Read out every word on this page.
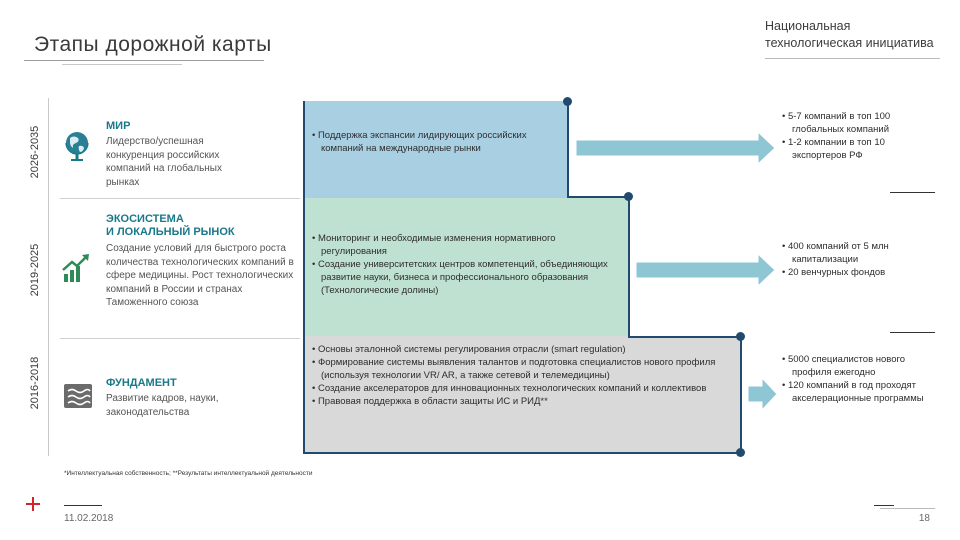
Этапы дорожной карты
Национальная
технологическая инициатива
2026-2035
2019-2025
2016-2018
МИР
Лидерство/успешная конкуренция российских компаний на глобальных рынках
ЭКОСИСТЕМА
И ЛОКАЛЬНЫЙ РЫНОК
Создание условий для быстрого роста количества технологических компаний в сфере медицины. Рост технологических компаний в России и странах Таможенного союза
ФУНДАМЕНТ
Развитие кадров, науки, законодательства
• Поддержка экспансии лидирующих российских компаний на международные рынки
• Мониторинг и необходимые изменения нормативного регулирования
• Создание университетских центров компетенций, объединяющих развитие науки, бизнеса и профессионального образования (Технологические долины)
• Основы эталонной системы регулирования отрасли (smart regulation)
• Формирование системы выявления талантов и подготовка специалистов нового профиля (используя технологии VR/ AR, а также сетевой и телемедицины)
• Создание акселераторов для инновационных технологических компаний и коллективов
• Правовая поддержка в области защиты ИС и РИД**
• 5-7 компаний в топ 100 глобальных компаний
• 1-2 компании в топ 10 экспортеров РФ
• 400 компаний от 5 млн капитализации
• 20 венчурных фондов
• 5000 специалистов нового профиля ежегодно
• 120 компаний в год проходят акселерационные программы
*Интеллектуальная собственность; **Результаты интеллектуальной деятельности
11.02.2018	18
